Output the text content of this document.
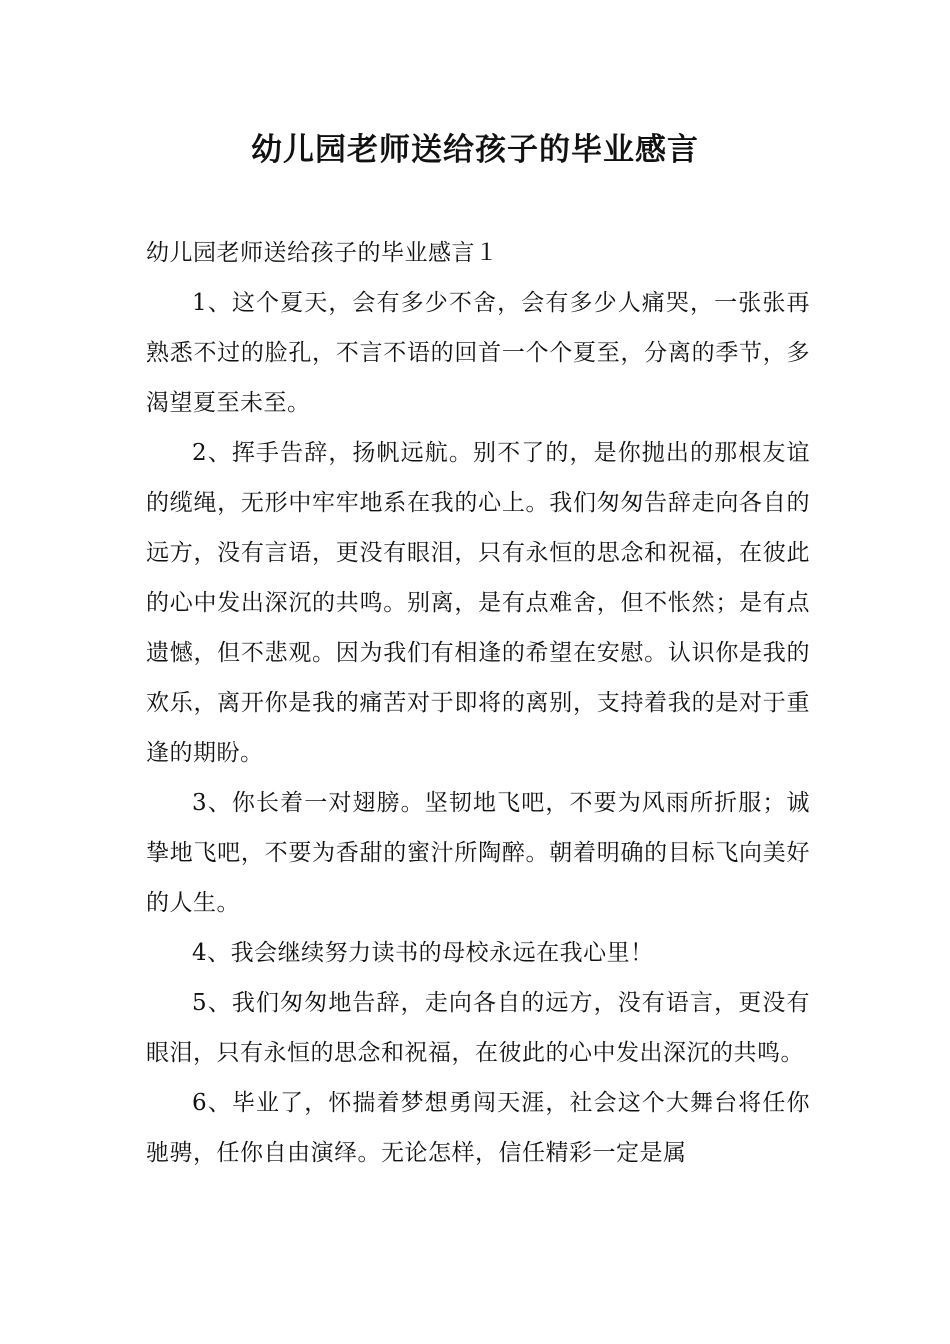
幼儿园老师送给孩子的毕业感言
幼儿园老师送给孩子的毕业感言１

1、这个夏天，会有多少不舍，会有多少人痛哭，一张张再熟悉不过的脸孔，不言不语的回首一个个夏至，分离的季节，多渴望夏至未至。

2、挥手告辞，扬帆远航。别不了的，是你抛出的那根友谊的缆绳，无形中牢牢地系在我的心上。我们匆匆告辞走向各自的远方，没有言语，更没有眼泪，只有永恒的思念和祝福，在彼此的心中发出深沉的共鸣。别离，是有点难舍，但不怅然；是有点遗憾，但不悲观。因为我们有相逢的希望在安慰。认识你是我的欢乐，离开你是我的痛苦对于即将的离别，支持着我的是对于重逢的期盼。

3、你长着一对翅膀。坚韧地飞吧，不要为风雨所折服；诚挚地飞吧，不要为香甜的蜜汁所陶醉。朝着明确的目标飞向美好的人生。

4、我会继续努力读书的母校永远在我心里！

5、我们匆匆地告辞，走向各自的远方，没有语言，更没有眼泪，只有永恒的思念和祝福，在彼此的心中发出深沉的共鸣。

6、毕业了，怀揣着梦想勇闯天涯，社会这个大舞台将任你驰骋，任你自由演绎。无论怎样，信任精彩一定是属
